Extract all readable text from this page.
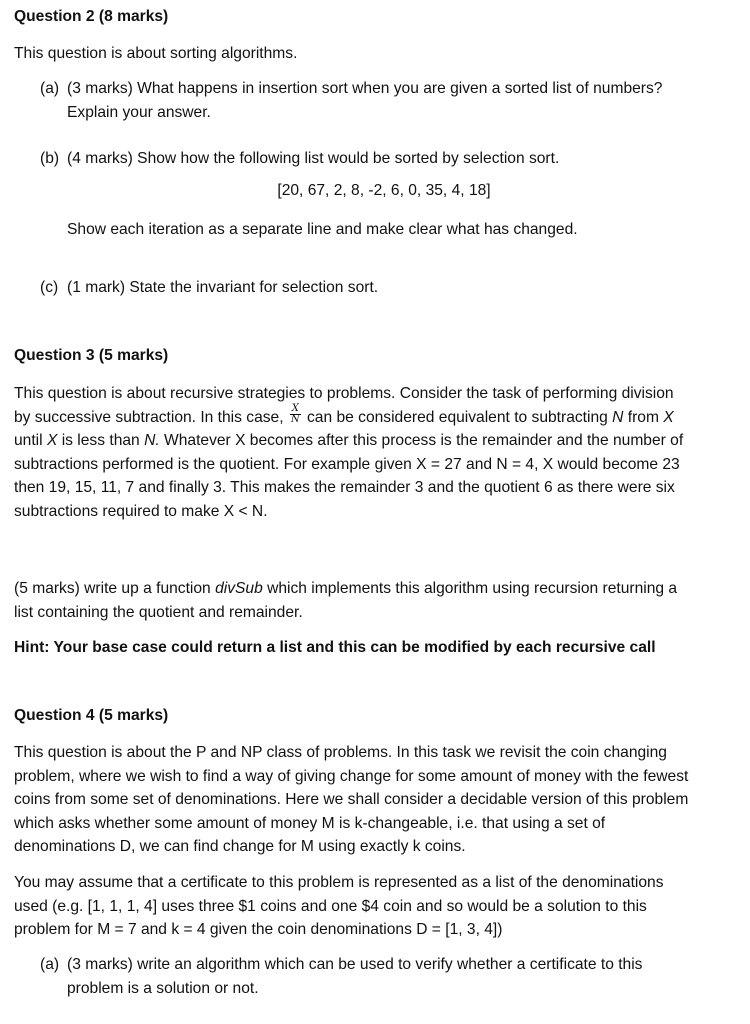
Question 2 (8 marks)
This question is about sorting algorithms.
(a) (3 marks) What happens in insertion sort when you are given a sorted list of numbers? Explain your answer.
(b) (4 marks) Show how the following list would be sorted by selection sort.
[20, 67, 2, 8, -2, 6, 0, 35, 4, 18]
Show each iteration as a separate line and make clear what has changed.
(c) (1 mark) State the invariant for selection sort.
Question 3 (5 marks)
This question is about recursive strategies to problems. Consider the task of performing division by successive subtraction. In this case, $\frac{X}{N}$ can be considered equivalent to subtracting N from X until X is less than N. Whatever X becomes after this process is the remainder and the number of subtractions performed is the quotient. For example given X = 27 and N = 4, X would become 23 then 19, 15, 11, 7 and finally 3. This makes the remainder 3 and the quotient 6 as there were six subtractions required to make X < N.
(5 marks) write up a function divSub which implements this algorithm using recursion returning a list containing the quotient and remainder.
Hint: Your base case could return a list and this can be modified by each recursive call
Question 4 (5 marks)
This question is about the P and NP class of problems. In this task we revisit the coin changing problem, where we wish to find a way of giving change for some amount of money with the fewest coins from some set of denominations. Here we shall consider a decidable version of this problem which asks whether some amount of money M is k-changeable, i.e. that using a set of denominations D, we can find change for M using exactly k coins.
You may assume that a certificate to this problem is represented as a list of the denominations used (e.g. [1, 1, 1, 4] uses three $1 coins and one $4 coin and so would be a solution to this problem for M = 7 and k = 4 given the coin denominations D = [1, 3, 4])
(a) (3 marks) write an algorithm which can be used to verify whether a certificate to this problem is a solution or not.
